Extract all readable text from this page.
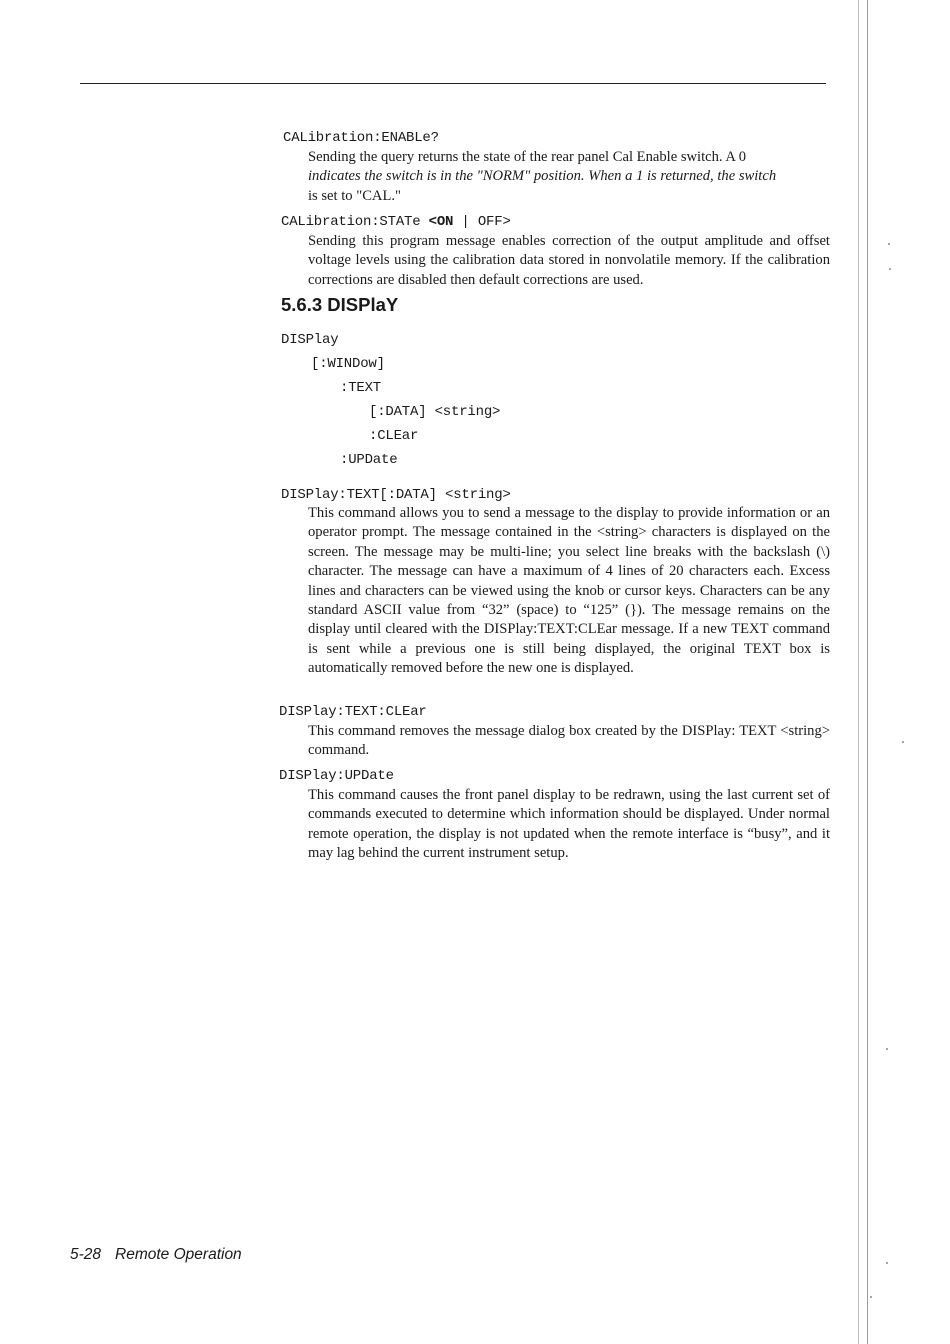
CALibration:ENABLe?
Sending the query returns the state of the rear panel Cal Enable switch. A 0
indicates the switch is in the "NORM" position. When a 1 is returned, the switch
is set to "CAL."
CALibration:STATe <ON | OFF>

Sending this program message enables correction of the output amplitude and offset voltage levels using the calibration data stored in nonvolatile memory. If the calibration corrections are disabled then default corrections are used.

5.6.3 DISPlaY
DISPlay
[:WINDow]
:TEXT
[:DATA] <string>
:CLEar
:UPDate
DISPlay:TEXT[:DATA] <string>

This command allows you to send a message to the display to provide information or an operator prompt. The message contained in the <string> characters is displayed on the screen. The message may be multi-line; you select line breaks with the backslash (\) character. The message can have a maximum of 4 lines of 20 characters each. Excess lines and characters can be viewed using the knob or cursor keys. Characters can be any standard ASCII value from “32” (space) to “125” (}). The message remains on the display until cleared with the DISPlay:TEXT:CLEar message. If a new TEXT command is sent while a previous one is still being displayed, the original TEXT box is automatically removed before the new one is displayed.

DISPlay:TEXT:CLEar

This command removes the message dialog box created by the DISPlay: TEXT <string> command.

DISPlay:UPDate

This command causes the front panel display to be redrawn, using the last current set of commands executed to determine which information should be displayed. Under normal remote operation, the display is not updated when the remote interface is “busy”, and it may lag behind the current instrument setup.

5-28 Remote Operation
